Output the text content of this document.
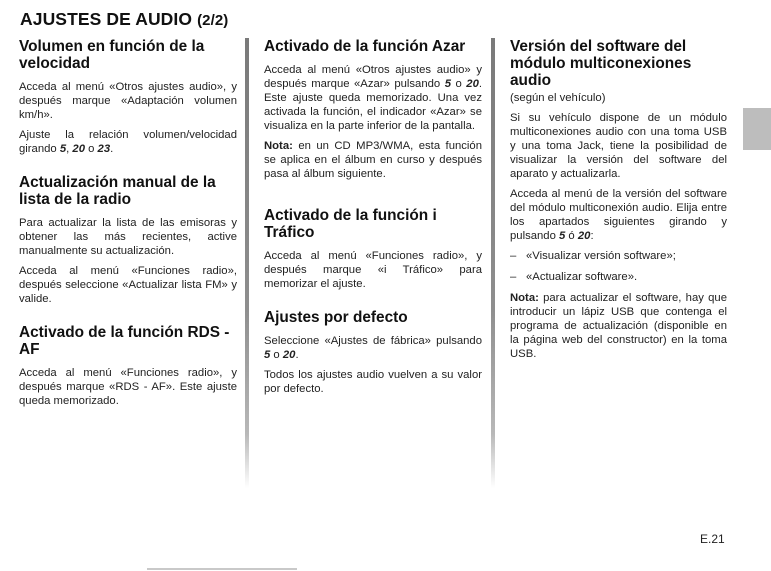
AJUSTES DE AUDIO (2/2)
Volumen en función de la velocidad

Acceda al menú «Otros ajustes audio», y después marque «Adaptación volumen km/h».

Ajuste la relación volumen/velocidad girando 5, 20 o 23.

Actualización manual de la lista de la radio

Para actualizar la lista de las emisoras y obtener las más recientes, active manualmente su actualización.

Acceda al menú «Funciones radio», después seleccione «Actualizar lista FM» y valide.

Activado de la función RDS - AF

Acceda al menú «Funciones radio», y después marque «RDS - AF». Este ajuste queda memorizado.

Activado de la función Azar

Acceda al menú «Otros ajustes audio» y después marque «Azar» pulsando 5 o 20. Este ajuste queda memorizado. Una vez activada la función, el indicador «Azar» se visualiza en la parte inferior de la pantalla.

Nota: en un CD MP3/WMA, esta función se aplica en el álbum en curso y después pasa al álbum siguiente.

Activado de la función i Tráfico

Acceda al menú «Funciones radio», y después marque «i Tráfico» para memorizar el ajuste.

Ajustes por defecto

Seleccione «Ajustes de fábrica» pulsando 5 o 20.

Todos los ajustes audio vuelven a su valor por defecto.

Versión del software del módulo multiconexiones audio
(según el vehículo)

Si su vehículo dispone de un módulo multiconexiones audio con una toma USB y una toma Jack, tiene la posibilidad de visualizar la versión del software del aparato y actualizarla.

Acceda al menú de la versión del software del módulo multiconexión audio. Elija entre los apartados siguientes girando y pulsando 5 ó 20:

– «Visualizar versión software»;
– «Actualizar software».

Nota: para actualizar el software, hay que introducir un lápiz USB que contenga el programa de actualización (disponible en la página web del constructor) en la toma USB.

E.21
